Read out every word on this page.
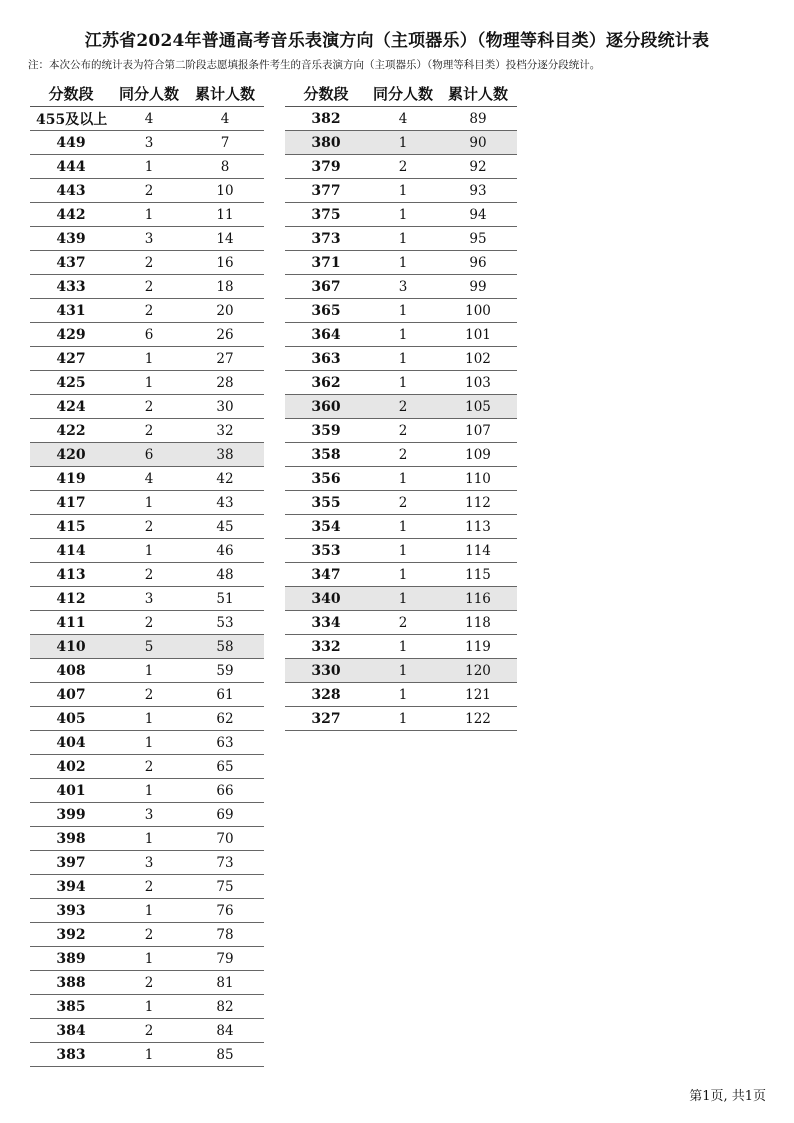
江苏省2024年普通高考音乐表演方向（主项器乐）（物理等科目类）逐分段统计表
注：本次公布的统计表为符合第二阶段志愿填报条件考生的音乐表演方向（主项器乐）（物理等科目类）投档分逐分段统计。
分数段	同分人数	累计人数
455及以上	4	4
449	3	7
444	1	8
443	2	10
442	1	11
439	3	14
437	2	16
433	2	18
431	2	20
429	6	26
427	1	27
425	1	28
424	2	30
422	2	32
420	6	38
419	4	42
417	1	43
415	2	45
414	1	46
413	2	48
412	3	51
411	2	53
410	5	58
408	1	59
407	2	61
405	1	62
404	1	63
402	2	65
401	1	66
399	3	69
398	1	70
397	3	73
394	2	75
393	1	76
392	2	78
389	1	79
388	2	81
385	1	82
384	2	84
383	1	85
分数段	同分人数	累计人数
382	4	89
380	1	90
379	2	92
377	1	93
375	1	94
373	1	95
371	1	96
367	3	99
365	1	100
364	1	101
363	1	102
362	1	103
360	2	105
359	2	107
358	2	109
356	1	110
355	2	112
354	1	113
353	1	114
347	1	115
340	1	116
334	2	118
332	1	119
330	1	120
328	1	121
327	1	122
第1页, 共1页
